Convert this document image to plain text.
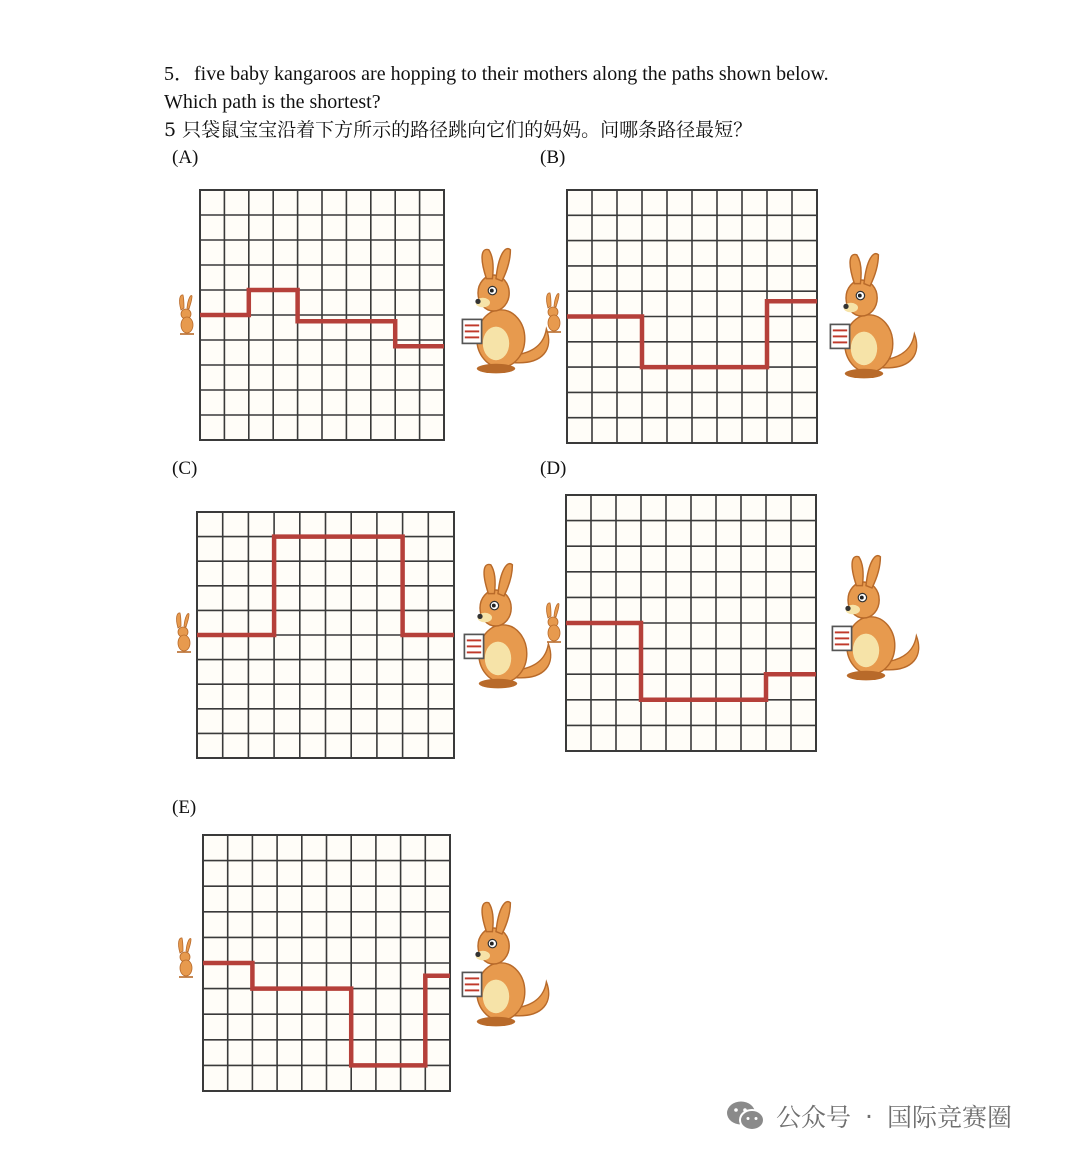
5．five baby kangaroos are hopping to their mothers along the paths shown below.

Which path is the shortest?

5 只袋鼠宝宝沿着下方所示的路径跳向它们的妈妈。问哪条路径最短？

(A)	(B)
(C)	(D)
(E)
公众号 · 国际竞赛圈
